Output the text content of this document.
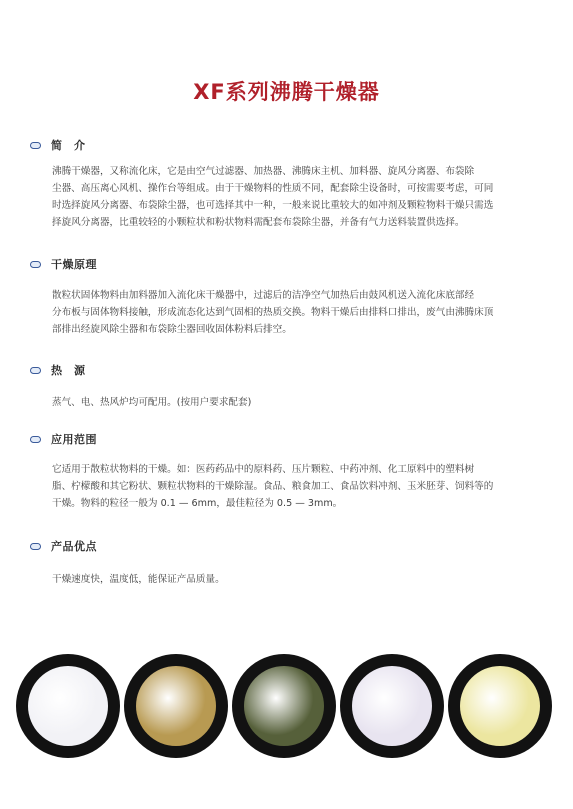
XF系列沸腾干燥器
简　介

沸腾干燥器，又称流化床，它是由空气过滤器、加热器、沸腾床主机、加料器、旋风分离器、布袋除
尘器、高压离心风机、操作台等组成。由于干燥物料的性质不同，配套除尘设备时，可按需要考虑，可同
时选择旋风分离器、布袋除尘器，也可选择其中一种，一般来说比重较大的如冲剂及颗粒物料干燥只需选
择旋风分离器，比重较轻的小颗粒状和粉状物料需配套布袋除尘器，并备有气力送料装置供选择。

干燥原理

散粒状固体物料由加料器加入流化床干燥器中，过滤后的洁净空气加热后由鼓风机送入流化床底部经
分布板与固体物料接触，形成流态化达到气固相的热质交换。物料干燥后由排料口排出，废气由沸腾床顶
部排出经旋风除尘器和布袋除尘器回收固体粉料后排空。

热　源

蒸气、电、热风炉均可配用。(按用户要求配套)

应用范围

它适用于散粒状物料的干燥。如：医药药品中的原料药、压片颗粒、中药冲剂、化工原料中的塑料树
脂、柠檬酸和其它粉状、颗粒状物料的干燥除湿。食品、粮食加工、食品饮料冲剂、玉米胚芽、饲料等的
干燥。物料的粒径一般为 0.1 — 6mm，最佳粒径为 0.5 — 3mm。

产品优点

干燥速度快，温度低，能保证产品质量。
